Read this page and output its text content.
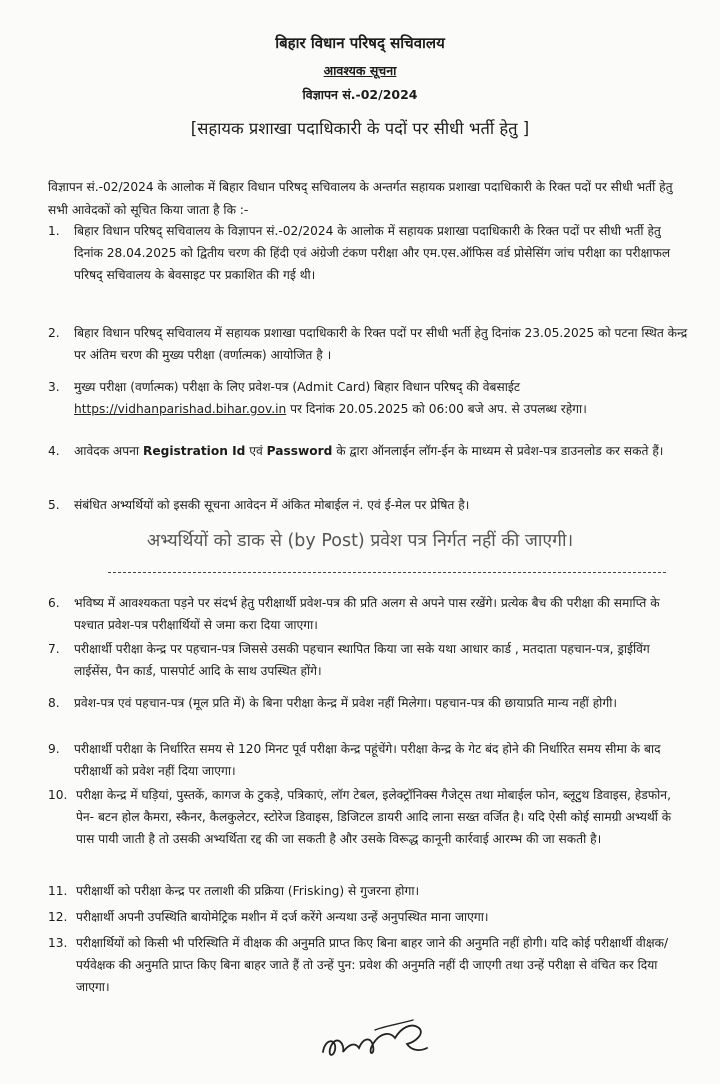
बिहार विधान परिषद् सचिवालय
आवश्यक सूचना
विज्ञापन सं.-02/2024
[सहायक प्रशाखा पदाधिकारी के पदों पर सीधी भर्ती हेतु ]
विज्ञापन सं.-02/2024 के आलोक में बिहार विधान परिषद् सचिवालय के अन्तर्गत सहायक प्रशाखा पदाधिकारी के रिक्त पदों पर सीधी भर्ती हेतु सभी आवेदकों को सूचित किया जाता है कि :-
1.	बिहार विधान परिषद् सचिवालय के विज्ञापन सं.-02/2024 के आलोक में सहायक प्रशाखा पदाधिकारी के रिक्त पदों पर सीधी भर्ती हेतु दिनांक 28.04.2025 को द्वितीय चरण की हिंदी एवं अंग्रेजी टंकण परीक्षा और एम.एस.ऑफिस वर्ड प्रोसेसिंग जांच परीक्षा का परीक्षाफल परिषद् सचिवालय के बेवसाइट पर प्रकाशित की गई थी।
2.	बिहार विधान परिषद् सचिवालय में सहायक प्रशाखा पदाधिकारी के रिक्त पदों पर सीधी भर्ती हेतु दिनांक 23.05.2025 को पटना स्थित केन्द्र पर अंतिम चरण की मुख्य परीक्षा (वर्णात्मक) आयोजित है ।
3.	मुख्य परीक्षा (वर्णात्मक) परीक्षा के लिए प्रवेश-पत्र (Admit Card) बिहार विधान परिषद् की वेबसाईट https://vidhanparishad.bihar.gov.in पर दिनांक 20.05.2025 को 06:00 बजे अप. से उपलब्ध रहेगा।
4.	आवेदक अपना Registration Id एवं Password के द्वारा ऑनलाईन लॉग-ईन के माध्यम से प्रवेश-पत्र डाउनलोड कर सकते हैं।
5.	संबंधित अभ्यर्थियों को इसकी सूचना आवेदन में अंकित मोबाईल नं. एवं ई-मेल पर प्रेषित है।
अभ्यर्थियों को डाक से (by Post) प्रवेश पत्र निर्गत नहीं की जाएगी।
6.	भविष्य में आवश्यकता पड़ने पर संदर्भ हेतु परीक्षार्थी प्रवेश-पत्र की प्रति अलग से अपने पास रखेंगे। प्रत्येक बैच की परीक्षा की समाप्ति के पश्चात प्रवेश-पत्र परीक्षार्थियों से जमा करा दिया जाएगा।
7.	परीक्षार्थी परीक्षा केन्द्र पर पहचान-पत्र जिससे उसकी पहचान स्थापित किया जा सके यथा आधार कार्ड , मतदाता पहचान-पत्र, ड्राईविंग लाईसेंस, पैन कार्ड, पासपोर्ट आदि के साथ उपस्थित होंगे।
8.	प्रवेश-पत्र एवं पहचान-पत्र (मूल प्रति में) के बिना परीक्षा केन्द्र में प्रवेश नहीं मिलेगा। पहचान-पत्र की छायाप्रति मान्य नहीं होगी।
9.	परीक्षार्थी परीक्षा के निर्धारित समय से 120 मिनट पूर्व परीक्षा केन्द्र पहूंचेंगे। परीक्षा केन्द्र के गेट बंद होने की निर्धारित समय सीमा के बाद परीक्षार्थी को प्रवेश नहीं दिया जाएगा।
10. परीक्षा केन्द्र में घड़ियां, पुस्तकें, कागज के टुकड़े, पत्रिकाएं, लॉग टेबल, इलेक्ट्रॉनिक्स गैजेट्स तथा मोबाईल फोन, ब्लूटुथ डिवाइस, हेडफोन, पेन- बटन होल कैमरा, स्कैनर, कैलकुलेटर, स्टोरेज डिवाइस, डिजिटल डायरी आदि लाना सख्त वर्जित है। यदि ऐसी कोई सामग्री अभ्यर्थी के पास पायी जाती है तो उसकी अभ्यर्थिता रद्द की जा सकती है और उसके विरूद्ध कानूनी कार्रवाई आरम्भ की जा सकती है।
11. परीक्षार्थी को परीक्षा केन्द्र पर तलाशी की प्रक्रिया (Frisking) से गुजरना होगा।
12. परीक्षार्थी अपनी उपस्थिति बायोमेट्रिक मशीन में दर्ज करेंगे अन्यथा उन्हें अनुपस्थित माना जाएगा।
13. परीक्षार्थियों को किसी भी परिस्थिति में वीक्षक की अनुमति प्राप्त किए बिना बाहर जाने की अनुमति नहीं होगी। यदि कोई परीक्षार्थी वीक्षक/पर्यवेक्षक की अनुमति प्राप्त किए बिना बाहर जाते हैं तो उन्हें पुन: प्रवेश की अनुमति नहीं दी जाएगी तथा उन्हें परीक्षा से वंचित कर दिया जाएगा।
